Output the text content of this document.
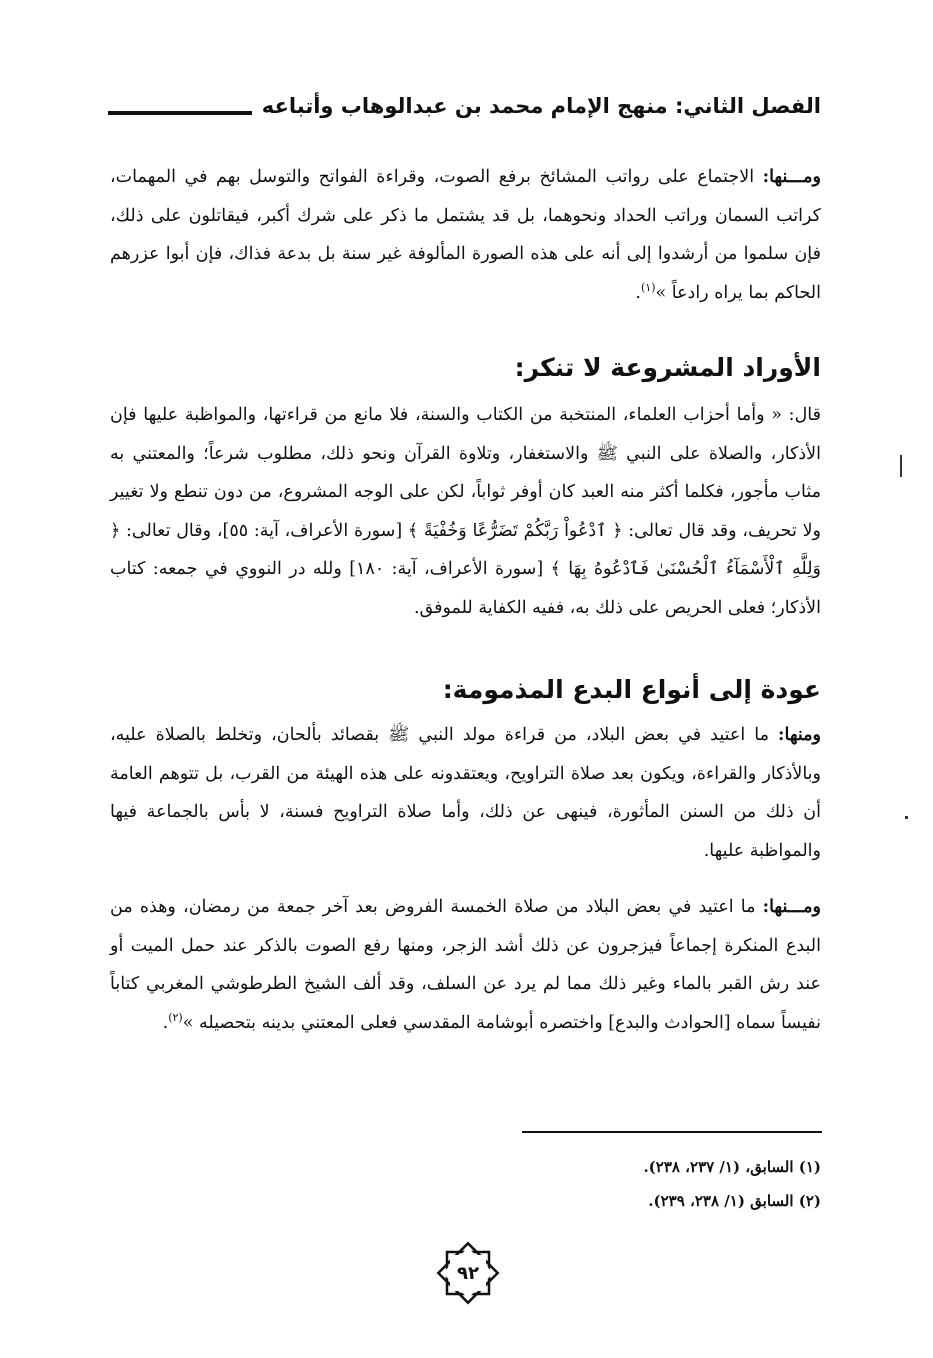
الفصل الثاني: منهج الإمام محمد بن عبدالوهاب وأتباعه

ومـــنها: الاجتماع على رواتب المشائخ برفع الصوت، وقراءة الفواتح والتوسل بهم في المهمات، كراتب السمان وراتب الحداد ونحوهما، بل قد يشتمل ما ذكر على شرك أكبر، فيقاتلون على ذلك، فإن سلموا من أرشدوا إلى أنه على هذه الصورة المألوفة غير سنة بل بدعة فذاك، فإن أبوا عزرهم الحاكم بما يراه رادعاً »$^{(١)}$.

الأوراد المشروعة لا تنكر:

قال: « وأما أحزاب العلماء، المنتخبة من الكتاب والسنة، فلا مانع من قراءتها، والمواظبة عليها فإن الأذكار، والصلاة على النبي ﷺ والاستغفار، وتلاوة القرآن ونحو ذلك، مطلوب شرعاً؛ والمعتني به مثاب مأجور، فكلما أكثر منه العبد كان أوفر ثواباً، لكن على الوجه المشروع، من دون تنطع ولا تغيير ولا تحريف، وقد قال تعالى: ﴿ ٱدْعُواْ رَبَّكُمْ تَضَرُّعًا وَخُفْيَةً ﴾ [سورة الأعراف، آية: ٥٥]، وقال تعالى: ﴿ وَلِلَّهِ ٱلْأَسْمَآءُ ٱلْحُسْنَىٰ فَٱدْعُوهُ بِهَا ﴾ [سورة الأعراف، آية: ١٨٠] ولله در النووي في جمعه: كتاب الأذكار؛ فعلى الحريص على ذلك به، ففيه الكفاية للموفق.

عودة إلى أنواع البدع المذمومة:

ومنها: ما اعتيد في بعض البلاد، من قراءة مولد النبي ﷺ بقصائد بألحان، وتخلط بالصلاة عليه، وبالأذكار والقراءة، ويكون بعد صلاة التراويح، ويعتقدونه على هذه الهيئة من القرب، بل تتوهم العامة أن ذلك من السنن المأثورة، فينهى عن ذلك، وأما صلاة التراويح فسنة، لا بأس بالجماعة فيها والمواظبة عليها.

ومـــنها: ما اعتيد في بعض البلاد من صلاة الخمسة الفروض بعد آخر جمعة من رمضان، وهذه من البدع المنكرة إجماعاً فيزجرون عن ذلك أشد الزجر، ومنها رفع الصوت بالذكر عند حمل الميت أو عند رش القبر بالماء وغير ذلك مما لم يرد عن السلف، وقد ألف الشيخ الطرطوشي المغربي كتاباً نفيساً سماه [الحوادث والبدع] واختصره أبوشامة المقدسي فعلى المعتني بدينه بتحصيله »$^{(٢)}$.

(١) السابق، (١/ ٢٣٧، ٢٣٨).

(٢) السابق (١/ ٢٣٨، ٢٣٩).

٩٢
